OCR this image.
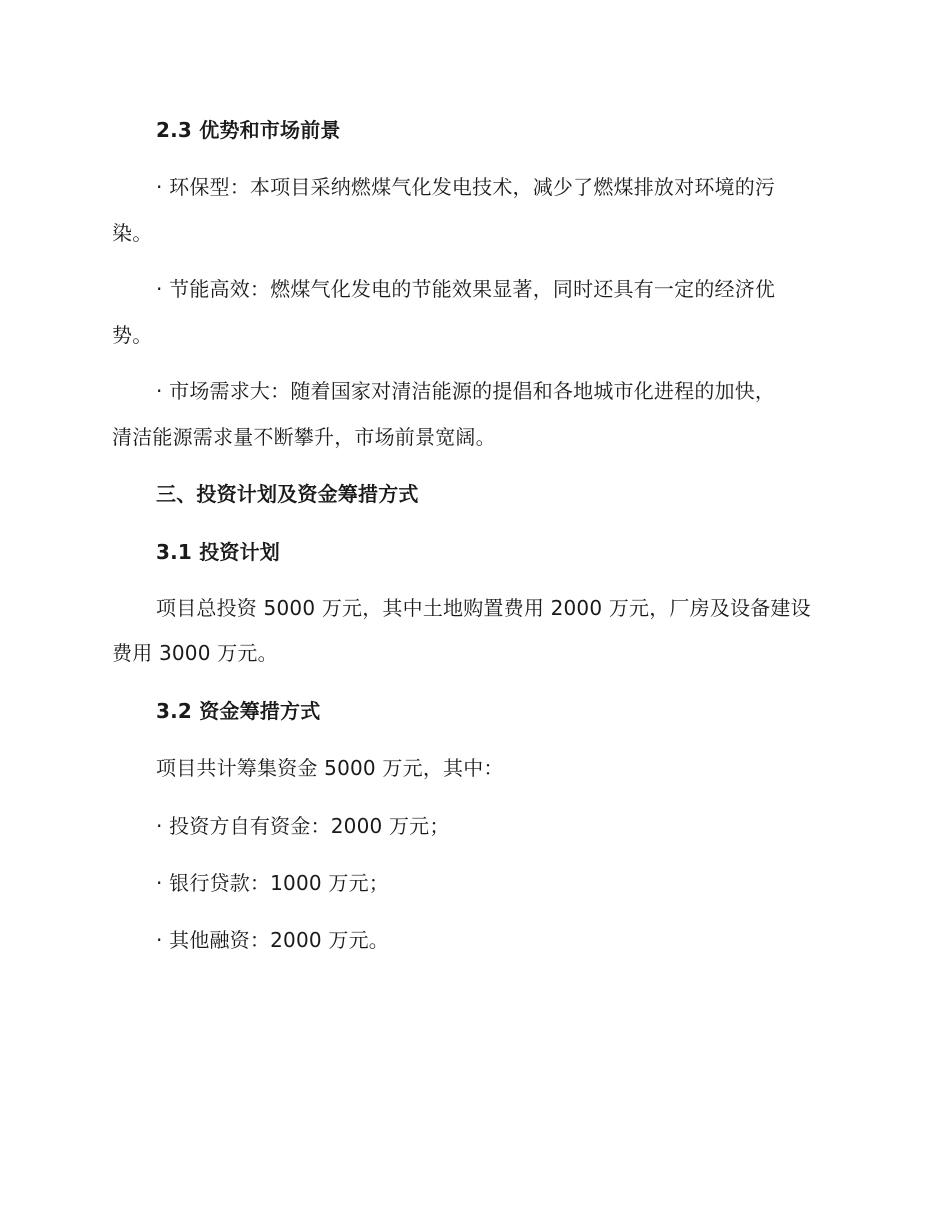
2.3 优势和市场前景
· 环保型：本项目采纳燃煤气化发电技术，减少了燃煤排放对环境的污
染。
· 节能高效：燃煤气化发电的节能效果显著，同时还具有一定的经济优
势。
· 市场需求大：随着国家对清洁能源的提倡和各地城市化进程的加快，
清洁能源需求量不断攀升，市场前景宽阔。
三、投资计划及资金筹措方式
3.1 投资计划
项目总投资 5000 万元，其中土地购置费用 2000 万元，厂房及设备建设
费用 3000 万元。
3.2 资金筹措方式
项目共计筹集资金 5000 万元，其中：
· 投资方自有资金：2000 万元；
· 银行贷款：1000 万元；
· 其他融资：2000 万元。
